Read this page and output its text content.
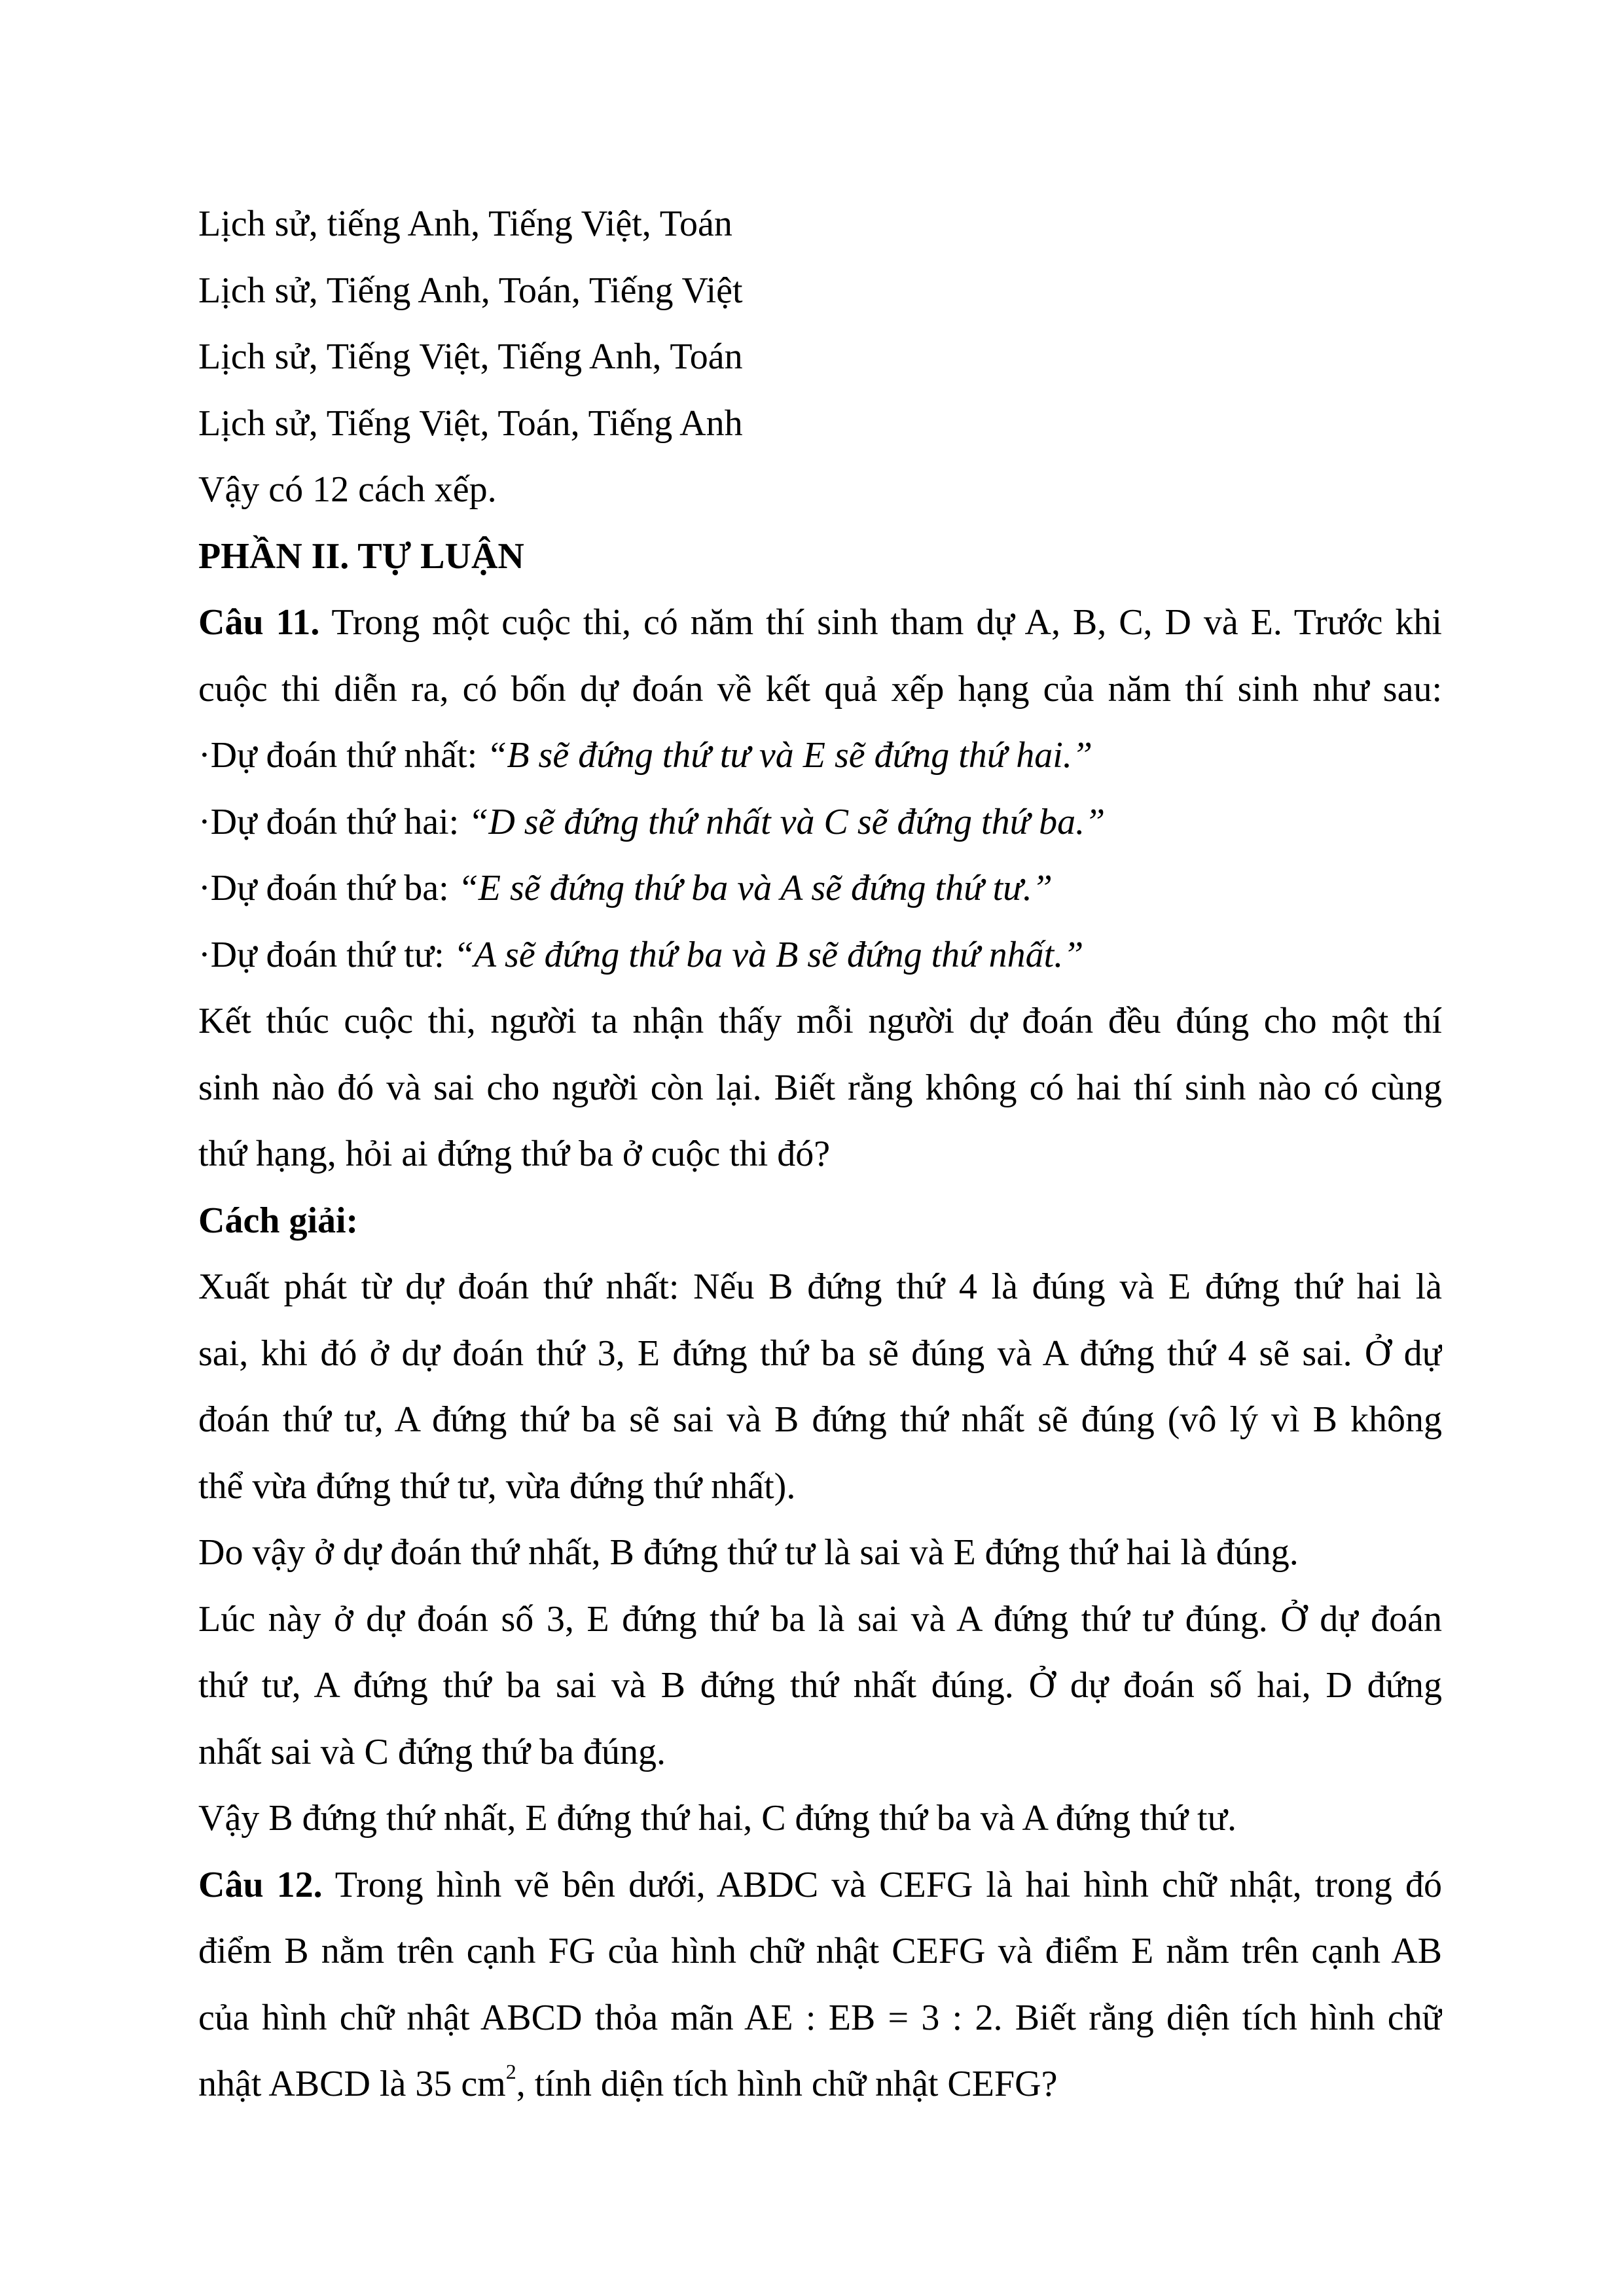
Lịch sử, tiếng Anh, Tiếng Việt, Toán
Lịch sử, Tiếng Anh, Toán, Tiếng Việt
Lịch sử, Tiếng Việt, Tiếng Anh, Toán
Lịch sử, Tiếng Việt, Toán, Tiếng Anh
Vậy có 12 cách xếp.
PHẦN II. TỰ LUẬN
Câu 11. Trong một cuộc thi, có năm thí sinh tham dự A, B, C, D và E. Trước khi
cuộc thi diễn ra, có bốn dự đoán về kết quả xếp hạng của năm thí sinh như sau:
·Dự đoán thứ nhất: “B sẽ đứng thứ tư và E sẽ đứng thứ hai.”
·Dự đoán thứ hai: “D sẽ đứng thứ nhất và C sẽ đứng thứ ba.”
·Dự đoán thứ ba: “E sẽ đứng thứ ba và A sẽ đứng thứ tư.”
·Dự đoán thứ tư: “A sẽ đứng thứ ba và B sẽ đứng thứ nhất.”
Kết thúc cuộc thi, người ta nhận thấy mỗi người dự đoán đều đúng cho một thí
sinh nào đó và sai cho người còn lại. Biết rằng không có hai thí sinh nào có cùng
thứ hạng, hỏi ai đứng thứ ba ở cuộc thi đó?
Cách giải:
Xuất phát từ dự đoán thứ nhất: Nếu B đứng thứ 4 là đúng và E đứng thứ hai là
sai, khi đó ở dự đoán thứ 3, E đứng thứ ba sẽ đúng và A đứng thứ 4 sẽ sai. Ở dự
đoán thứ tư, A đứng thứ ba sẽ sai và B đứng thứ nhất sẽ đúng (vô lý vì B không
thể vừa đứng thứ tư, vừa đứng thứ nhất).
Do vậy ở dự đoán thứ nhất, B đứng thứ tư là sai và E đứng thứ hai là đúng.
Lúc này ở dự đoán số 3, E đứng thứ ba là sai và A đứng thứ tư đúng. Ở dự đoán
thứ tư, A đứng thứ ba sai và B đứng thứ nhất đúng. Ở dự đoán số hai, D đứng
nhất sai và C đứng thứ ba đúng.
Vậy B đứng thứ nhất, E đứng thứ hai, C đứng thứ ba và A đứng thứ tư.
Câu 12. Trong hình vẽ bên dưới, ABDC và CEFG là hai hình chữ nhật, trong đó
điểm B nằm trên cạnh FG của hình chữ nhật CEFG và điểm E nằm trên cạnh AB
của hình chữ nhật ABCD thỏa mãn AE : EB = 3 : 2. Biết rằng diện tích hình chữ
nhật ABCD là 35 $cm^2$, tính diện tích hình chữ nhật CEFG?
